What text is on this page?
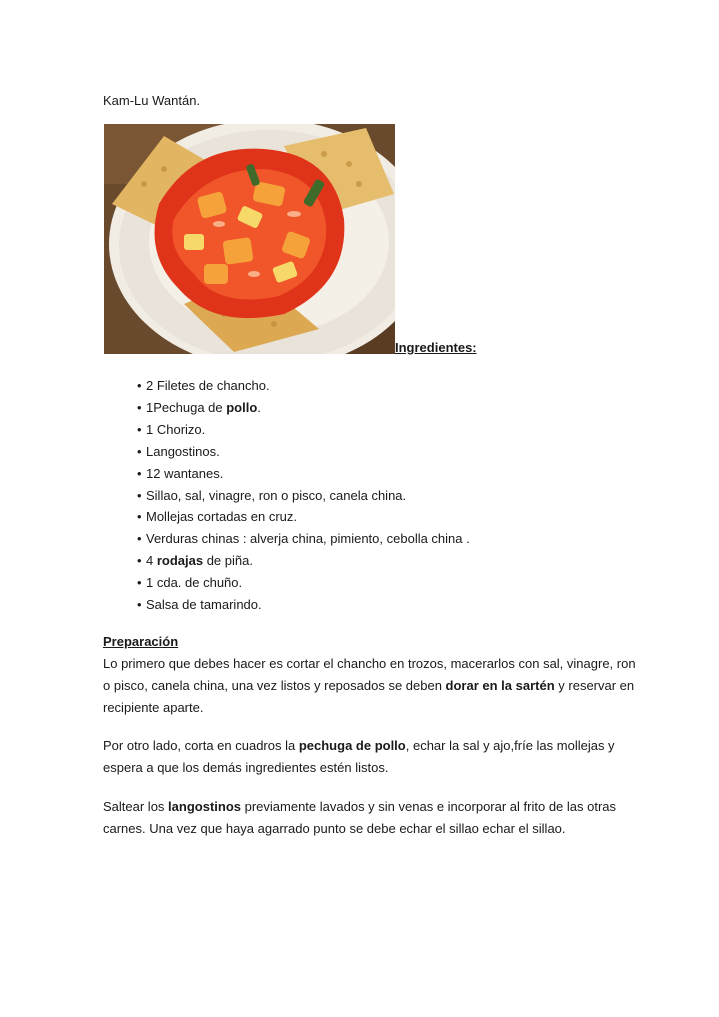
Kam-Lu Wantán.
Ingredientes:
• 2 Filetes de chancho.
• 1Pechuga de pollo.
• 1 Chorizo.
• Langostinos.
• 12 wantanes.
• Sillao, sal, vinagre, ron o pisco, canela china.
• Mollejas cortadas en cruz.
• Verduras chinas : alverja china, pimiento, cebolla china .
• 4 rodajas de piña.
• 1 cda. de chuño.
• Salsa de tamarindo.
Preparación

Lo primero que debes hacer es cortar el chancho en trozos, macerarlos con sal, vinagre, ron o pisco, canela china, una vez listos y reposados se deben dorar en la sartén y reservar en recipiente aparte.

Por otro lado, corta en cuadros la pechuga de pollo, echar la sal y ajo,fríe las mollejas y espera a que los demás ingredientes estén listos.

Saltear los langostinos previamente lavados y sin venas e incorporar al frito de las otras carnes. Una vez que haya agarrado punto se debe echar el sillao echar el sillao.
